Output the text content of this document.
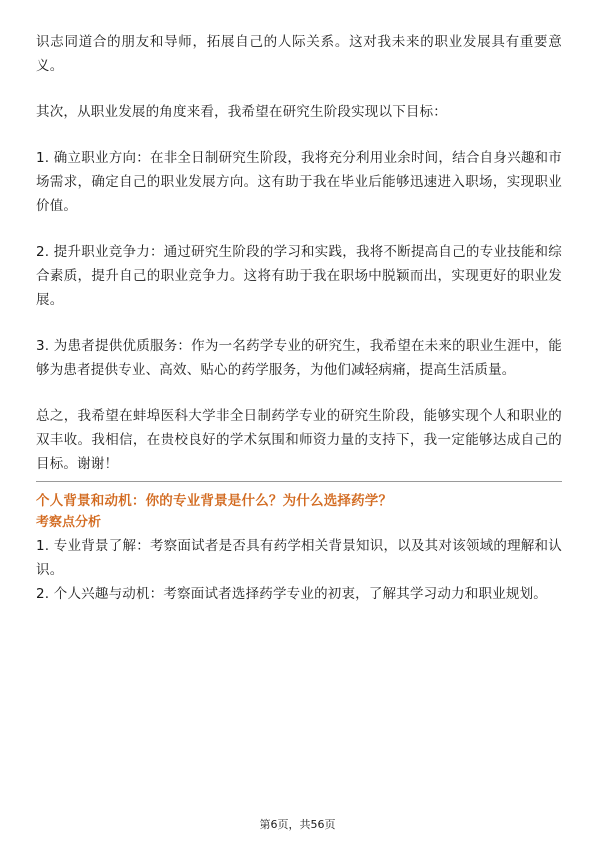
识志同道合的朋友和导师，拓展自己的人际关系。这对我未来的职业发展具有重要意义。

其次，从职业发展的角度来看，我希望在研究生阶段实现以下目标：

1. 确立职业方向：在非全日制研究生阶段，我将充分利用业余时间，结合自身兴趣和市场需求，确定自己的职业发展方向。这有助于我在毕业后能够迅速进入职场，实现职业价值。

2. 提升职业竞争力：通过研究生阶段的学习和实践，我将不断提高自己的专业技能和综合素质，提升自己的职业竞争力。这将有助于我在职场中脱颖而出，实现更好的职业发展。

3. 为患者提供优质服务：作为一名药学专业的研究生，我希望在未来的职业生涯中，能够为患者提供专业、高效、贴心的药学服务，为他们减轻病痛，提高生活质量。

总之，我希望在蚌埠医科大学非全日制药学专业的研究生阶段，能够实现个人和职业的双丰收。我相信，在贵校良好的学术氛围和师资力量的支持下，我一定能够达成自己的目标。谢谢！

个人背景和动机：你的专业背景是什么？为什么选择药学？

考察点分析

1. 专业背景了解：考察面试者是否具有药学相关背景知识，以及其对该领域的理解和认识。

2. 个人兴趣与动机：考察面试者选择药学专业的初衷，了解其学习动力和职业规划。

第6页，共56页
